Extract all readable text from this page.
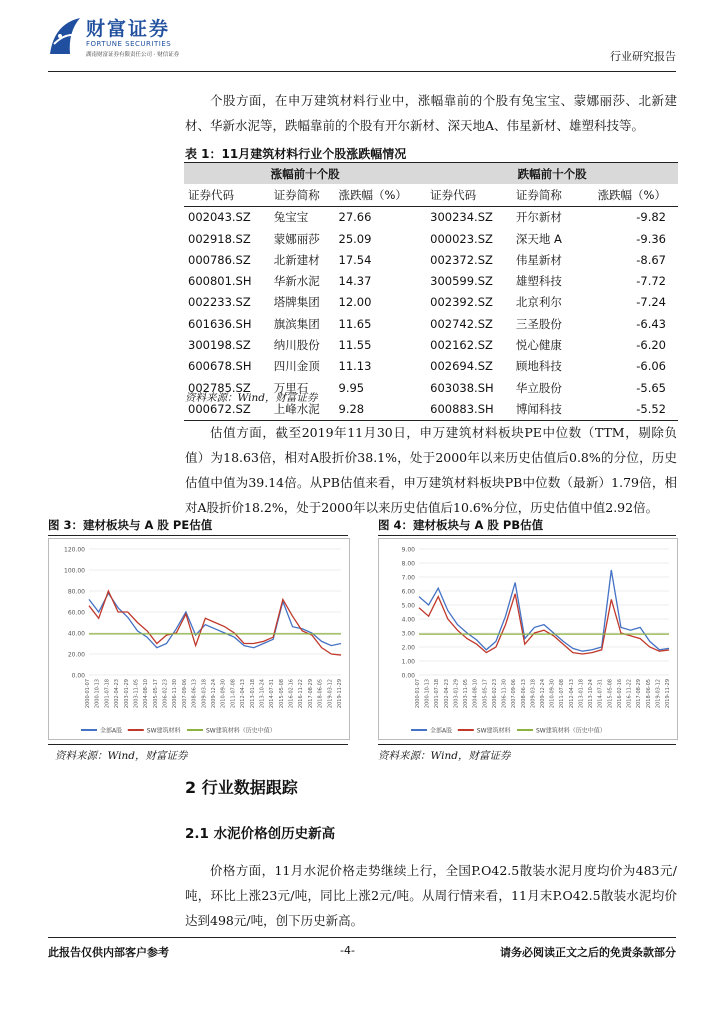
财富证券
FORTUNE SECURITIES
湖南财富证券有限责任公司 · 财信证券	行业研究报告
个股方面，在申万建筑材料行业中，涨幅靠前的个股有兔宝宝、蒙娜丽莎、北新建材、华新水泥等，跌幅靠前的个股有开尔新材、深天地A、伟星新材、雄塑科技等。
表 1：11月建筑材料行业个股涨跌幅情况
涨幅前十个股			跌幅前十个股		
证券代码	证券简称	涨跌幅（%）	证券代码	证券简称	涨跌幅（%）
002043.SZ	兔宝宝	27.66	300234.SZ	开尔新材	-9.82
002918.SZ	蒙娜丽莎	25.09	000023.SZ	深天地 A	-9.36
000786.SZ	北新建材	17.54	002372.SZ	伟星新材	-8.67
600801.SH	华新水泥	14.37	300599.SZ	雄塑科技	-7.72
002233.SZ	塔牌集团	12.00	002392.SZ	北京利尔	-7.24
601636.SH	旗滨集团	11.65	002742.SZ	三圣股份	-6.43
300198.SZ	纳川股份	11.55	002162.SZ	悦心健康	-6.20
600678.SH	四川金顶	11.13	002694.SZ	顾地科技	-6.06
002785.SZ	万里石	9.95	603038.SH	华立股份	-5.65
000672.SZ	上峰水泥	9.28	600883.SH	博闻科技	-5.52
资料来源：Wind，财富证券
估值方面，截至2019年11月30日，申万建筑材料板块PE中位数（TTM，剔除负值）为18.63倍，相对A股折价38.1%，处于2000年以来历史估值后0.8%的分位，历史估值中值为39.14倍。从PB估值来看，申万建筑材料板块PB中位数（最新）1.79倍，相对A股折价18.2%，处于2000年以来历史估值后10.6%分位，历史估值中值2.92倍。
图 3：建材板块与 A 股 PE估值	图 4：建材板块与 A 股 PB估值
0.00
20.00
40.00
60.00
80.00
100.00
120.00
2000-01-07 2000-10-13 2001-07-18 2002-04-23 2003-01-29 2003-11-05 2004-08-10 2005-05-17 2006-02-23 2006-11-30 2007-09-06 2008-06-13 2009-03-18 2009-12-24 2010-09-30 2011-07-08 2012-04-13 2013-01-18 2013-10-24 2014-07-31 2015-05-08 2016-02-16 2016-11-22 2017-08-29 2018-06-05 2019-03-12 2019-11-29
全部A股	SW建筑材料	SW建筑材料（历史中值）
0.00
1.00
2.00
3.00
4.00
5.00
6.00
7.00
8.00
9.00
2000-01-07 2000-10-13 2001-07-18 2002-04-23 2003-01-29 2003-11-05 2004-08-10 2005-05-17 2006-02-23 2006-11-30 2007-09-06 2008-06-13 2009-03-18 2009-12-24 2010-09-30 2011-07-08 2012-04-13 2013-01-18 2013-10-24 2014-07-31 2015-05-08 2016-02-16 2016-11-22 2017-08-29 2018-06-05 2019-03-12 2019-11-29
全部A股	SW建筑材料	SW建筑材料（历史中值）
资料来源：Wind，财富证券	资料来源：Wind，财富证券
2 行业数据跟踪
2.1 水泥价格创历史新高
价格方面，11月水泥价格走势继续上行，全国P.O42.5散装水泥月度均价为483元/吨，环比上涨23元/吨，同比上涨2元/吨。从周行情来看，11月末P.O42.5散装水泥均价达到498元/吨，创下历史新高。
此报告仅供内部客户参考	-4-	请务必阅读正文之后的免责条款部分
